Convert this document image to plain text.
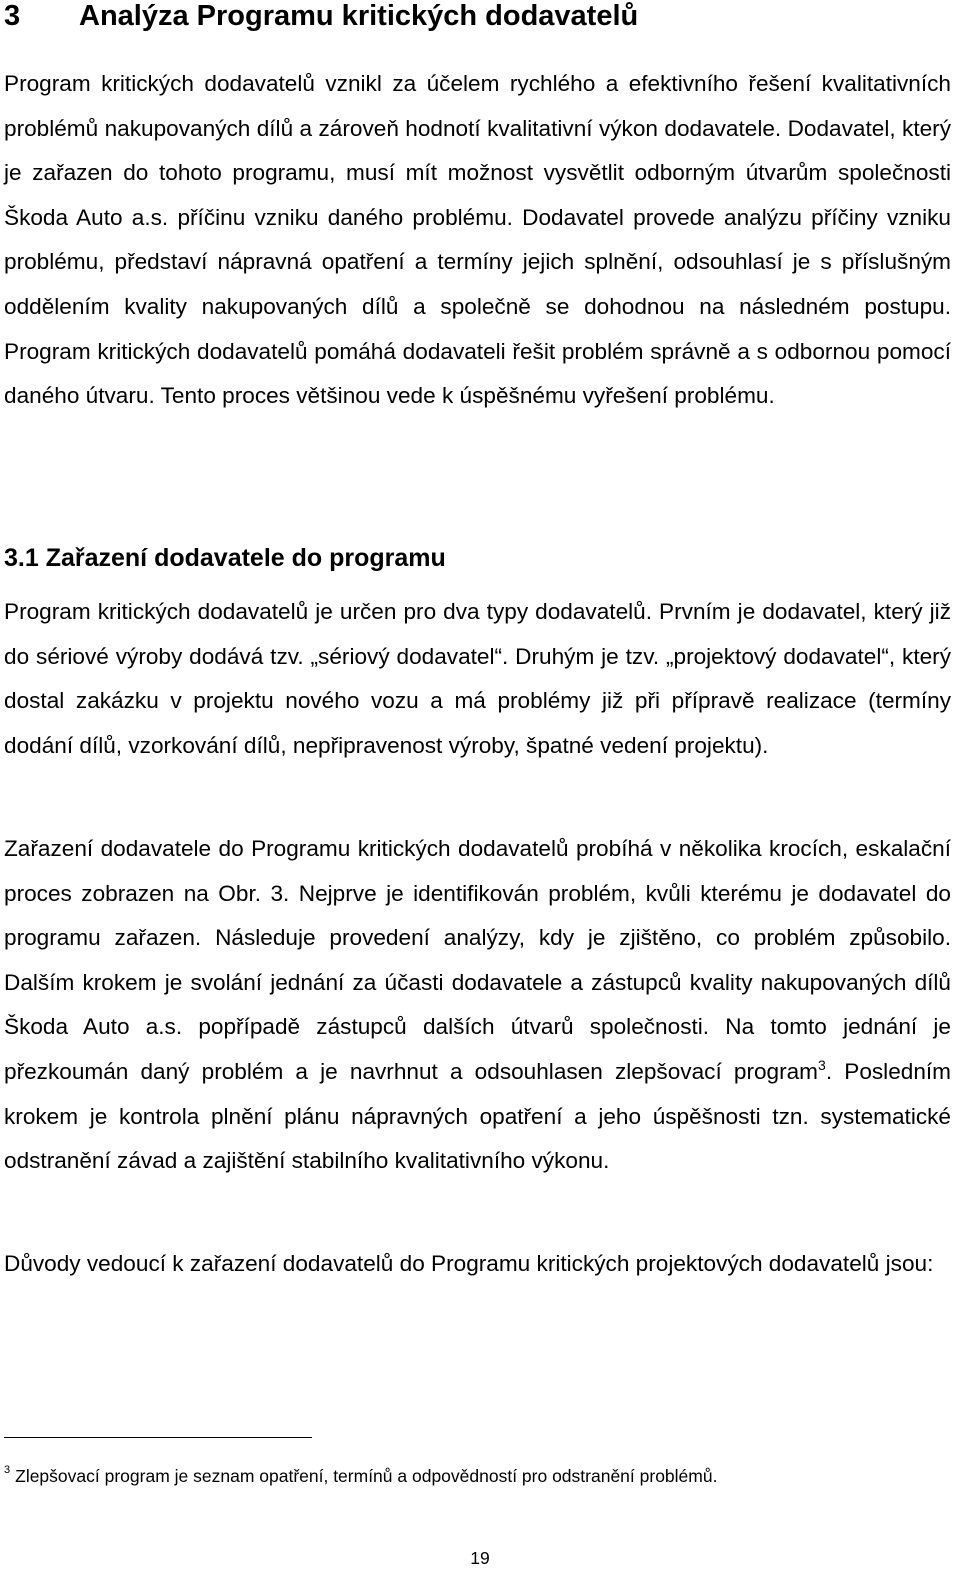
3 Analýza Programu kritických dodavatelů

Program kritických dodavatelů vznikl za účelem rychlého a efektivního řešení kvalitativních problémů nakupovaných dílů a zároveň hodnotí kvalitativní výkon dodavatele. Dodavatel, který je zařazen do tohoto programu, musí mít možnost vysvětlit odborným útvarům společnosti Škoda Auto a.s. příčinu vzniku daného problému. Dodavatel provede analýzu příčiny vzniku problému, představí nápravná opatření a termíny jejich splnění, odsouhlasí je s příslušným oddělením kvality nakupovaných dílů a společně se dohodnou na následném postupu. Program kritických dodavatelů pomáhá dodavateli řešit problém správně a s odbornou pomocí daného útvaru. Tento proces většinou vede k úspěšnému vyřešení problému.

3.1 Zařazení dodavatele do programu

Program kritických dodavatelů je určen pro dva typy dodavatelů. Prvním je dodavatel, který již do sériové výroby dodává tzv. „sériový dodavatel“. Druhým je tzv. „projektový dodavatel“, který dostal zakázku v projektu nového vozu a má problémy již při přípravě realizace (termíny dodání dílů, vzorkování dílů, nepřipravenost výroby, špatné vedení projektu).

Zařazení dodavatele do Programu kritických dodavatelů probíhá v několika krocích, eskalační proces zobrazen na Obr. 3. Nejprve je identifikován problém, kvůli kterému je dodavatel do programu zařazen. Následuje provedení analýzy, kdy je zjištěno, co problém způsobilo. Dalším krokem je svolání jednání za účasti dodavatele a zástupců kvality nakupovaných dílů Škoda Auto a.s. popřípadě zástupců dalších útvarů společnosti. Na tomto jednání je přezkoumán daný problém a je navrhnut a odsouhlasen zlepšovací program$^3$. Posledním krokem je kontrola plnění plánu nápravných opatření a jeho úspěšnosti tzn. systematické odstranění závad a zajištění stabilního kvalitativního výkonu.

Důvody vedoucí k zařazení dodavatelů do Programu kritických projektových dodavatelů jsou:

$^3$ Zlepšovací program je seznam opatření, termínů a odpovědností pro odstranění problémů.

19
